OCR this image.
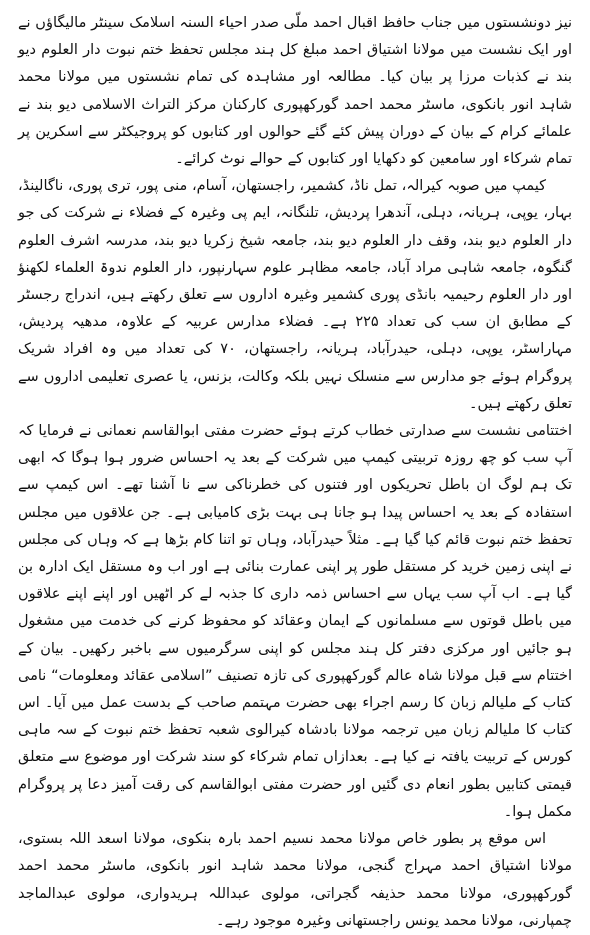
نیز دونشستوں میں جناب حافظ اقبال احمد ملّی صدر احیاء السنہ اسلامک سینٹر مالیگاؤں نے اور ایک نشست میں مولانا اشتیاق احمد مبلغ کل ہند مجلس تحفظ ختم نبوت دار العلوم دیو بند نے کذبات مرزا پر بیان کیا۔ مطالعہ اور مشاہدہ کی تمام نشستوں میں مولانا محمد شاہد انور بانکوی، ماسٹر محمد احمد گورکھپوری کارکنان مرکز التراث الاسلامی دیو بند نے علمائے کرام کے بیان کے دوران پیش کئے گئے حوالوں اور کتابوں کو پروجیکٹر سے اسکرین پر تمام شرکاء اور سامعین کو دکھایا اور کتابوں کے حوالے نوٹ کرائے۔

کیمپ میں صوبہ کیرالہ، تمل ناڈ، کشمیر، راجستھان، آسام، منی پور، تری پوری، ناگالینڈ، بہار، یوپی، ہریانہ، دہلی، آندھرا پردیش، تلنگانہ، ایم پی وغیرہ کے فضلاء نے شرکت کی جو دار العلوم دیو بند، وقف دار العلوم دیو بند، جامعہ شیخ زکریا دیو بند، مدرسہ اشرف العلوم گنگوہ، جامعہ شاہی مراد آباد، جامعہ مظاہر علوم سہارنپور، دار العلوم ندوۃ العلماء لکھنؤ اور دار العلوم رحیمیہ بانڈی پوری کشمیر وغیرہ اداروں سے تعلق رکھتے ہیں، اندراج رجسٹر کے مطابق ان سب کی تعداد ۲۲۵ ہے۔ فضلاء مدارس عربیہ کے علاوہ، مدھیہ پردیش، مہاراسٹر، یوپی، دہلی، حیدرآباد، ہریانہ، راجستھان، ۷۰ کی تعداد میں وہ افراد شریک پروگرام ہوئے جو مدارس سے منسلک نہیں بلکہ وکالت، بزنس، یا عصری تعلیمی اداروں سے تعلق رکھتے ہیں۔

اختتامی نشست سے صدارتی خطاب کرتے ہوئے حضرت مفتی ابوالقاسم نعمانی نے فرمایا کہ آپ سب کو چھ روزہ تربیتی کیمپ میں شرکت کے بعد یہ احساس ضرور ہوا ہوگا کہ ابھی تک ہم لوگ ان باطل تحریکوں اور فتنوں کی خطرناکی سے نا آشنا تھے۔ اس کیمپ سے استفادہ کے بعد یہ احساس پیدا ہو جانا ہی بہت بڑی کامیابی ہے۔ جن علاقوں میں مجلس تحفظ ختم نبوت قائم کیا گیا ہے۔ مثلاً حیدرآباد، وہاں تو اتنا کام بڑھا ہے کہ وہاں کی مجلس نے اپنی زمین خرید کر مستقل طور پر اپنی عمارت بنائی ہے اور اب وہ مستقل ایک ادارہ بن گیا ہے۔ اب آپ سب یہاں سے احساس ذمہ داری کا جذبہ لے کر اٹھیں اور اپنے اپنے علاقوں میں باطل قوتوں سے مسلمانوں کے ایمان وعقائد کو محفوظ کرنے کی خدمت میں مشغول ہو جائیں اور مرکزی دفتر کل ہند مجلس کو اپنی سرگرمیوں سے باخبر رکھیں۔ بیان کے اختتام سے قبل مولانا شاہ عالم گورکھپوری کی تازہ تصنیف ”اسلامی عقائد ومعلومات“ نامی کتاب کے ملیالم زبان کا رسم اجراء بھی حضرت مہتمم صاحب کے بدست عمل میں آیا۔ اس کتاب کا ملیالم زبان میں ترجمہ مولانا بادشاہ کیرالوی شعبہ تحفظ ختم نبوت کے سہ ماہی کورس کے تربیت یافتہ نے کیا ہے۔ بعدازاں تمام شرکاء کو سند شرکت اور موضوع سے متعلق قیمتی کتابیں بطور انعام دی گئیں اور حضرت مفتی ابوالقاسم کی رقت آمیز دعا پر پروگرام مکمل ہوا۔

اس موقع پر بطور خاص مولانا محمد نسیم احمد بارہ بنکوی، مولانا اسعد اللہ بستوی، مولانا اشتیاق احمد مہراج گنجی، مولانا محمد شاہد انور بانکوی، ماسٹر محمد احمد گورکھپوری، مولانا محمد حذیفہ گجراتی، مولوی عبداللہ ہریدواری، مولوی عبدالماجد چمپارنی، مولانا محمد یونس راجستھانی وغیرہ موجود رہے۔
